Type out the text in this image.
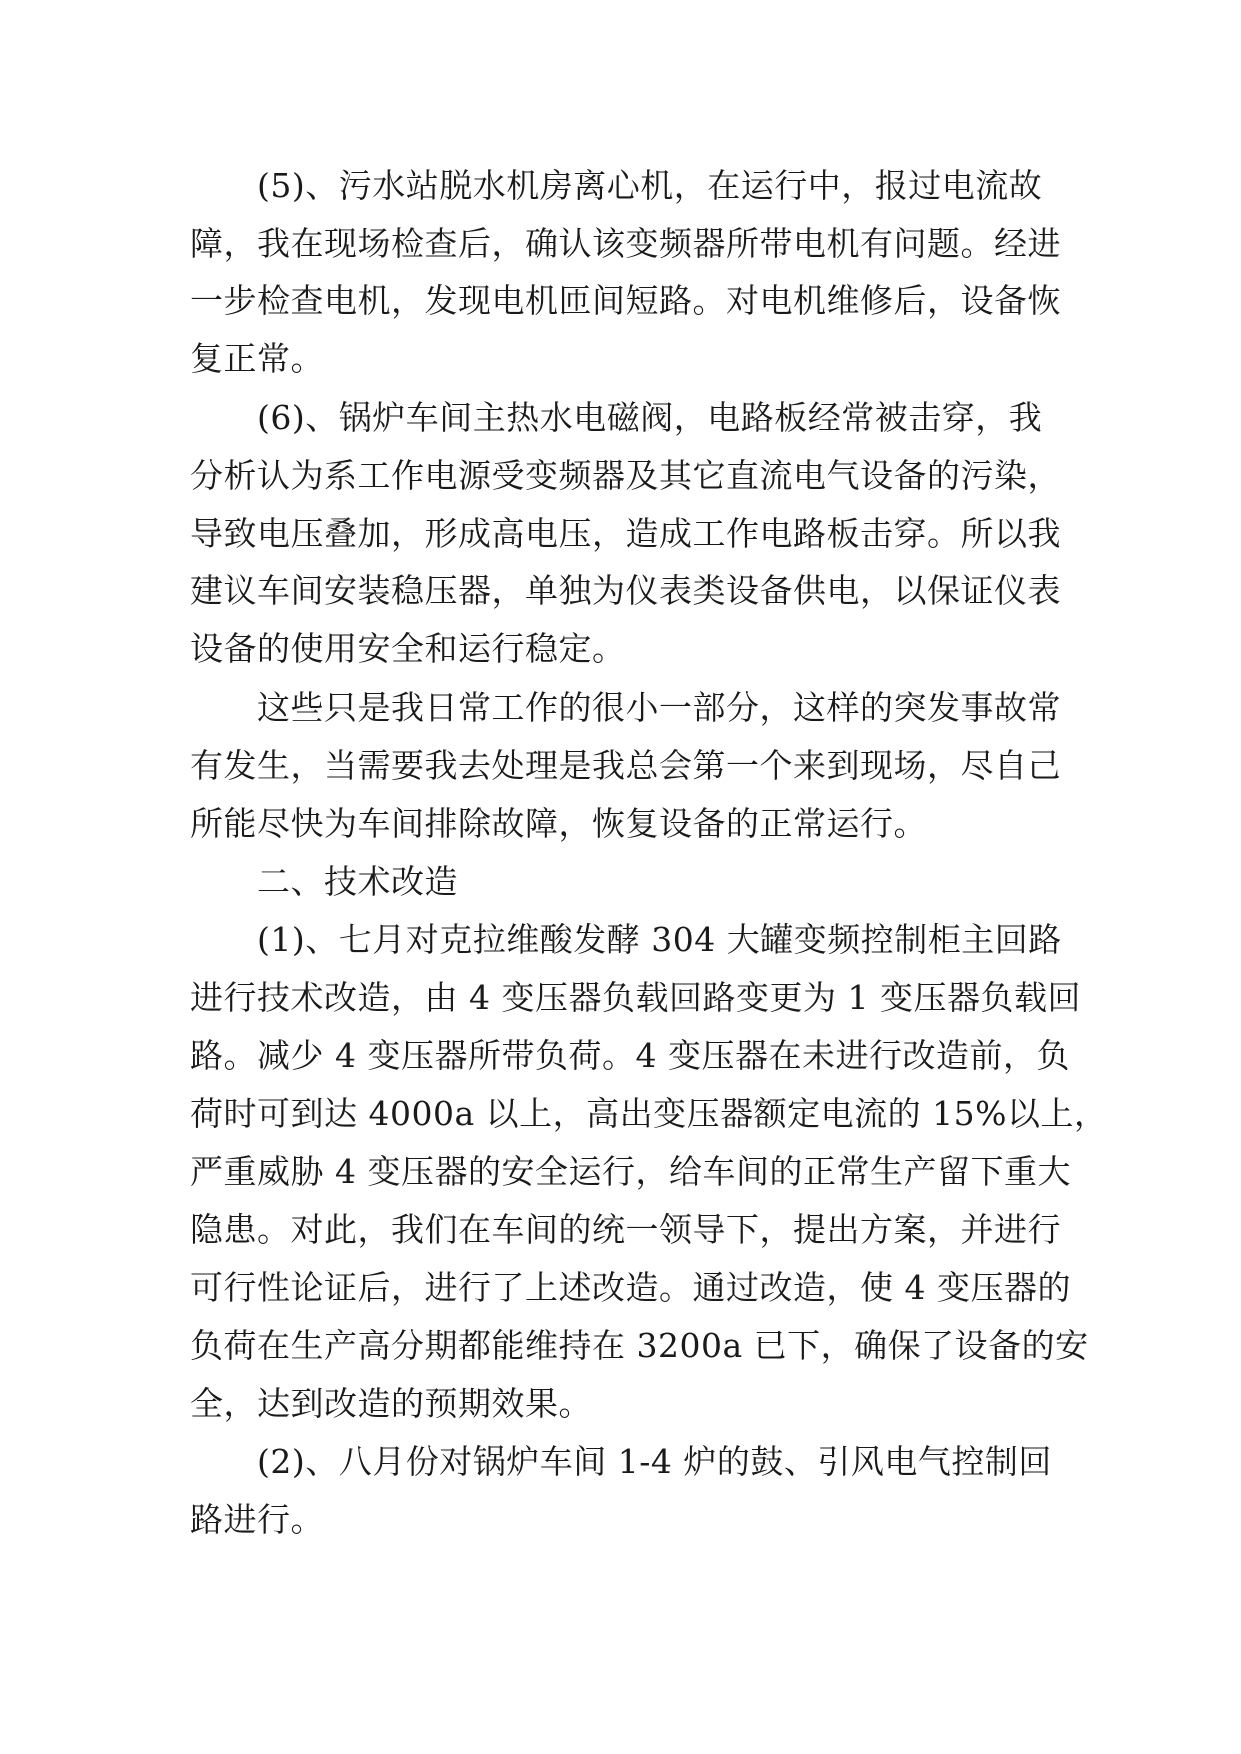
(5)、污水站脱水机房离心机，在运行中，报过电流故

障，我在现场检查后，确认该变频器所带电机有问题。经进

一步检查电机，发现电机匝间短路。对电机维修后，设备恢

复正常。

(6)、锅炉车间主热水电磁阀，电路板经常被击穿，我

分析认为系工作电源受变频器及其它直流电气设备的污染，

导致电压叠加，形成高电压，造成工作电路板击穿。所以我

建议车间安装稳压器，单独为仪表类设备供电，以保证仪表

设备的使用安全和运行稳定。

这些只是我日常工作的很小一部分，这样的突发事故常

有发生，当需要我去处理是我总会第一个来到现场，尽自己

所能尽快为车间排除故障，恢复设备的正常运行。

二、技术改造

(1)、七月对克拉维酸发酵 304 大罐变频控制柜主回路

进行技术改造，由 4 变压器负载回路变更为 1 变压器负载回

路。减少 4 变压器所带负荷。4 变压器在未进行改造前，负

荷时可到达 4000a 以上，高出变压器额定电流的 15%以上，

严重威胁 4 变压器的安全运行，给车间的正常生产留下重大

隐患。对此，我们在车间的统一领导下，提出方案，并进行

可行性论证后，进行了上述改造。通过改造，使 4 变压器的

负荷在生产高分期都能维持在 3200a 已下，确保了设备的安

全，达到改造的预期效果。

(2)、八月份对锅炉车间 1-4 炉的鼓、引风电气控制回

路进行。
